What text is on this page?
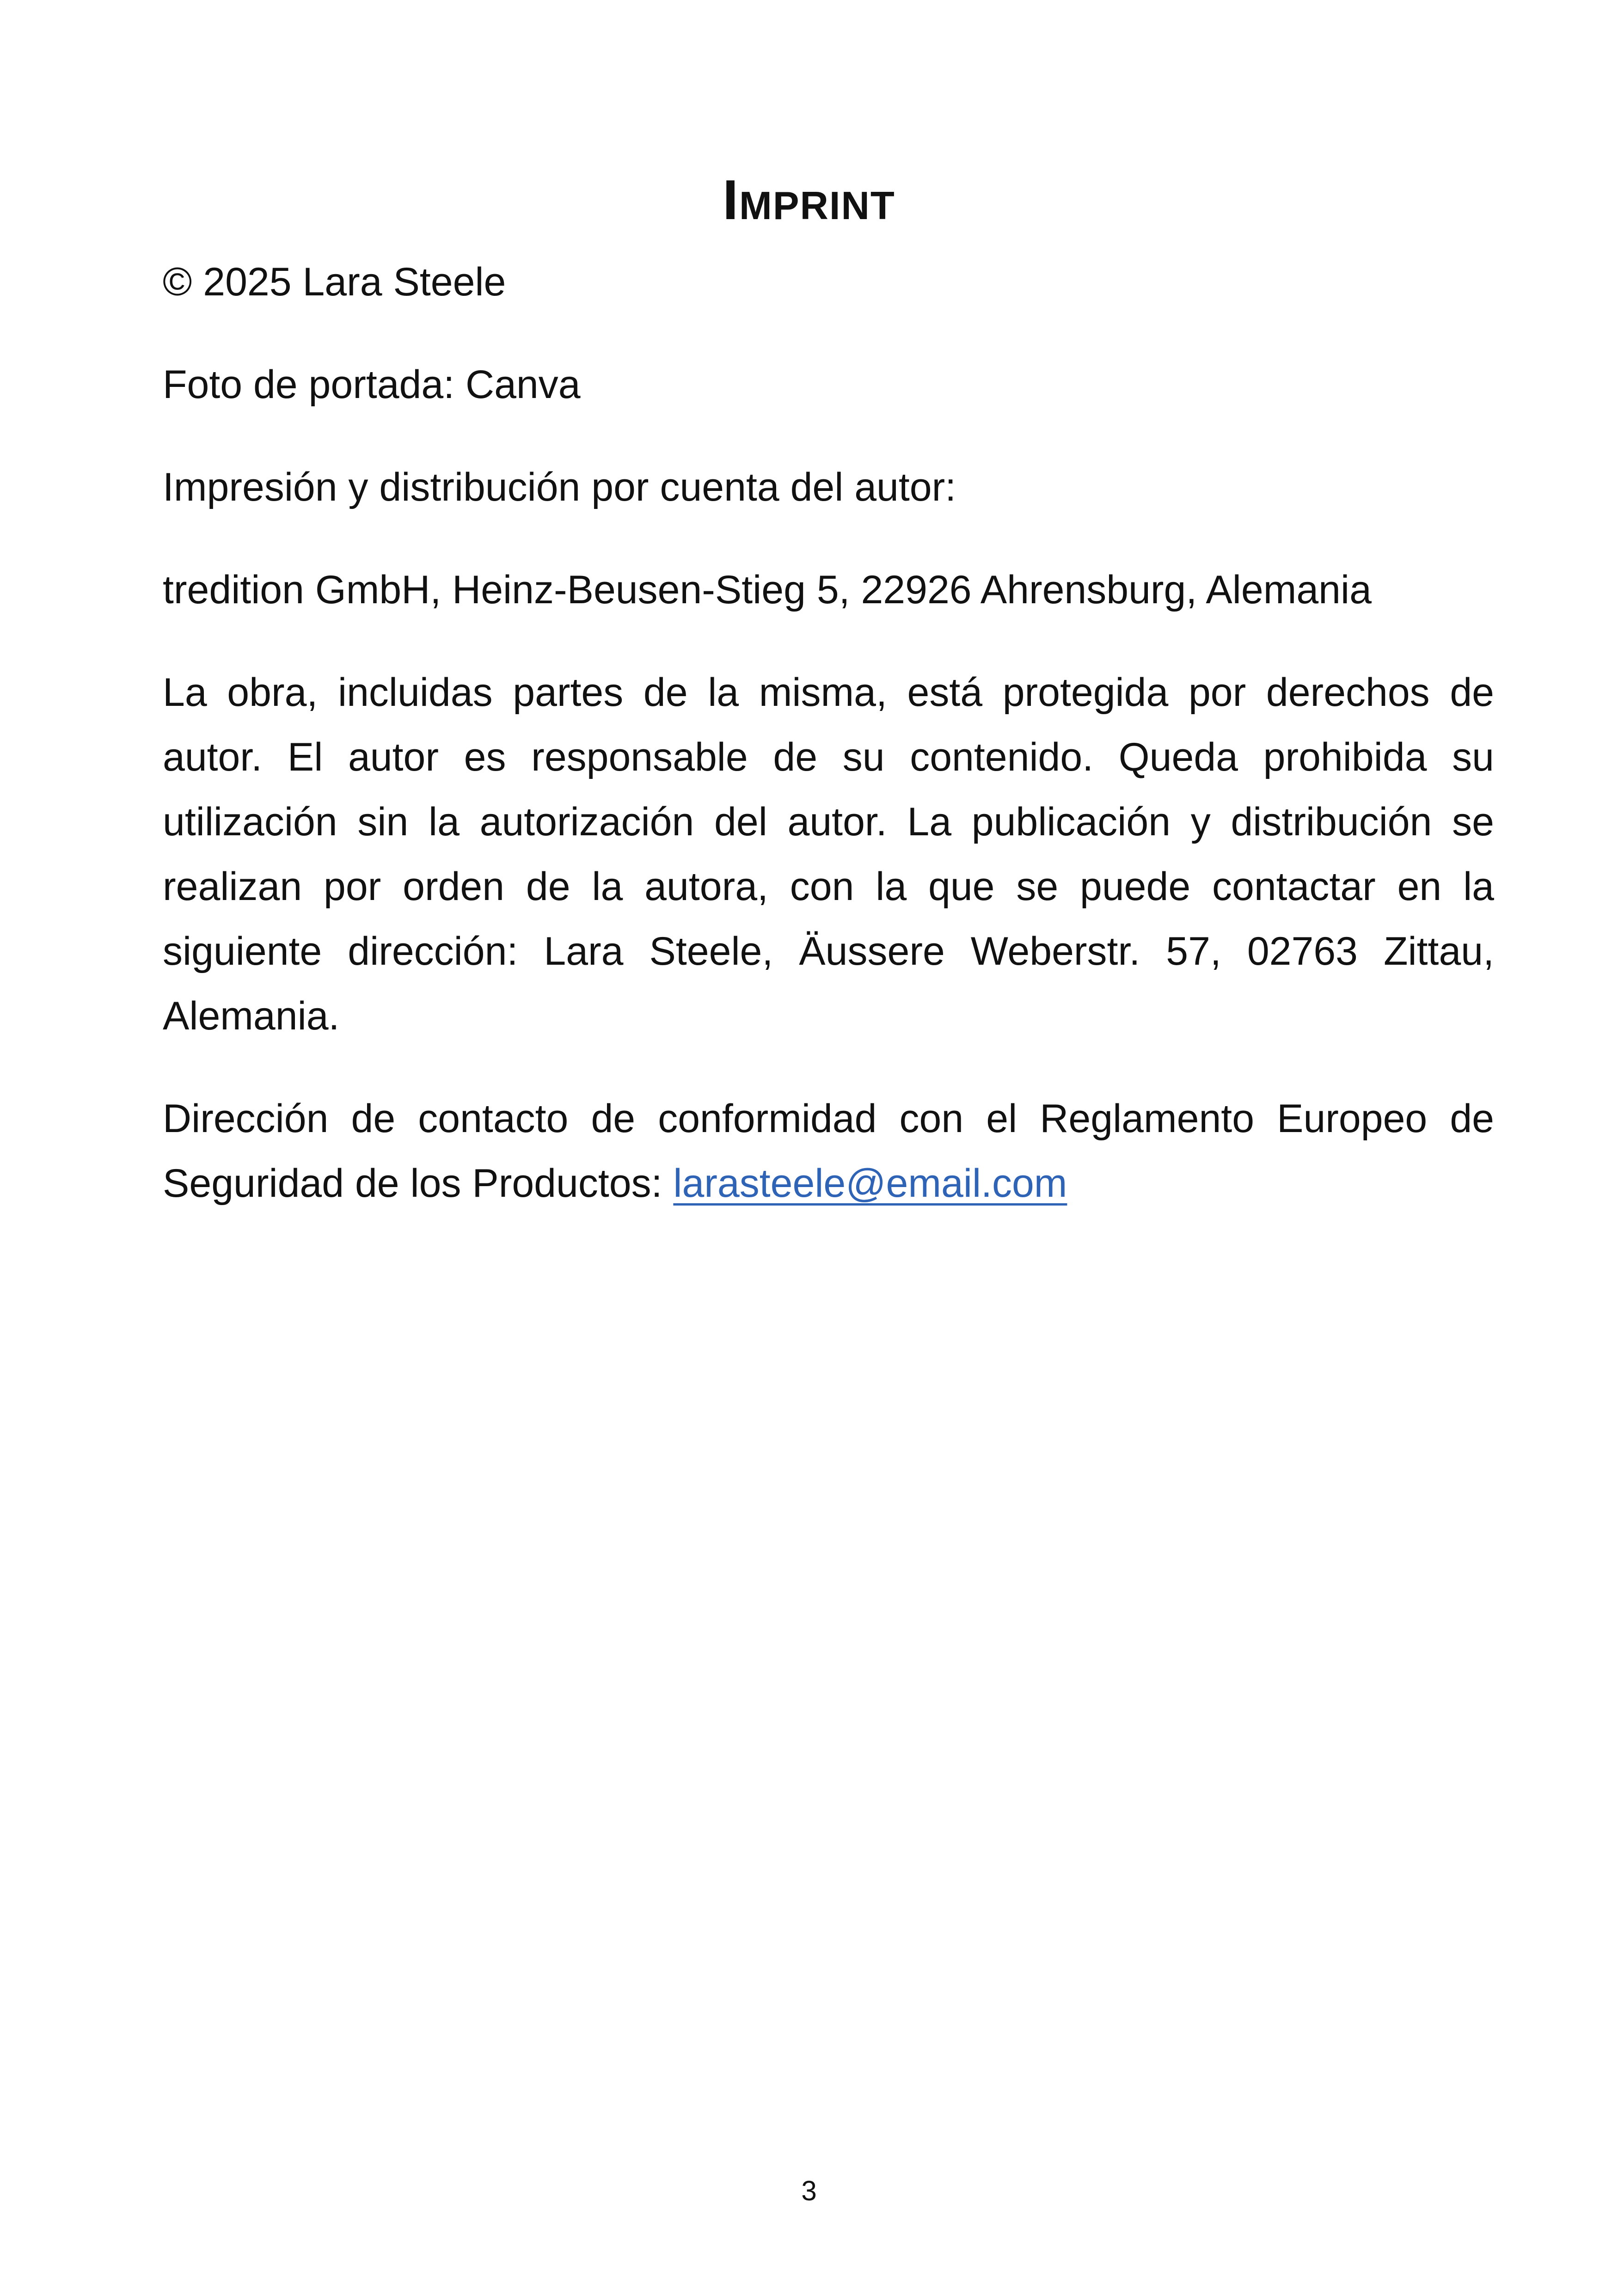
Imprint

© 2025 Lara Steele

Foto de portada: Canva

Impresión y distribución por cuenta del autor:

tredition GmbH, Heinz-Beusen-Stieg 5, 22926 Ahrensburg, Alemania

La obra, incluidas partes de la misma, está protegida por derechos de autor. El autor es responsable de su contenido. Queda prohibida su utilización sin la autorización del autor. La publicación y distribución se realizan por orden de la autora, con la que se puede contactar en la siguiente dirección: Lara Steele, Äussere Weberstr. 57, 02763 Zittau, Alemania.

Dirección de contacto de conformidad con el Reglamento Europeo de Seguridad de los Productos: larasteele@email.com

3
